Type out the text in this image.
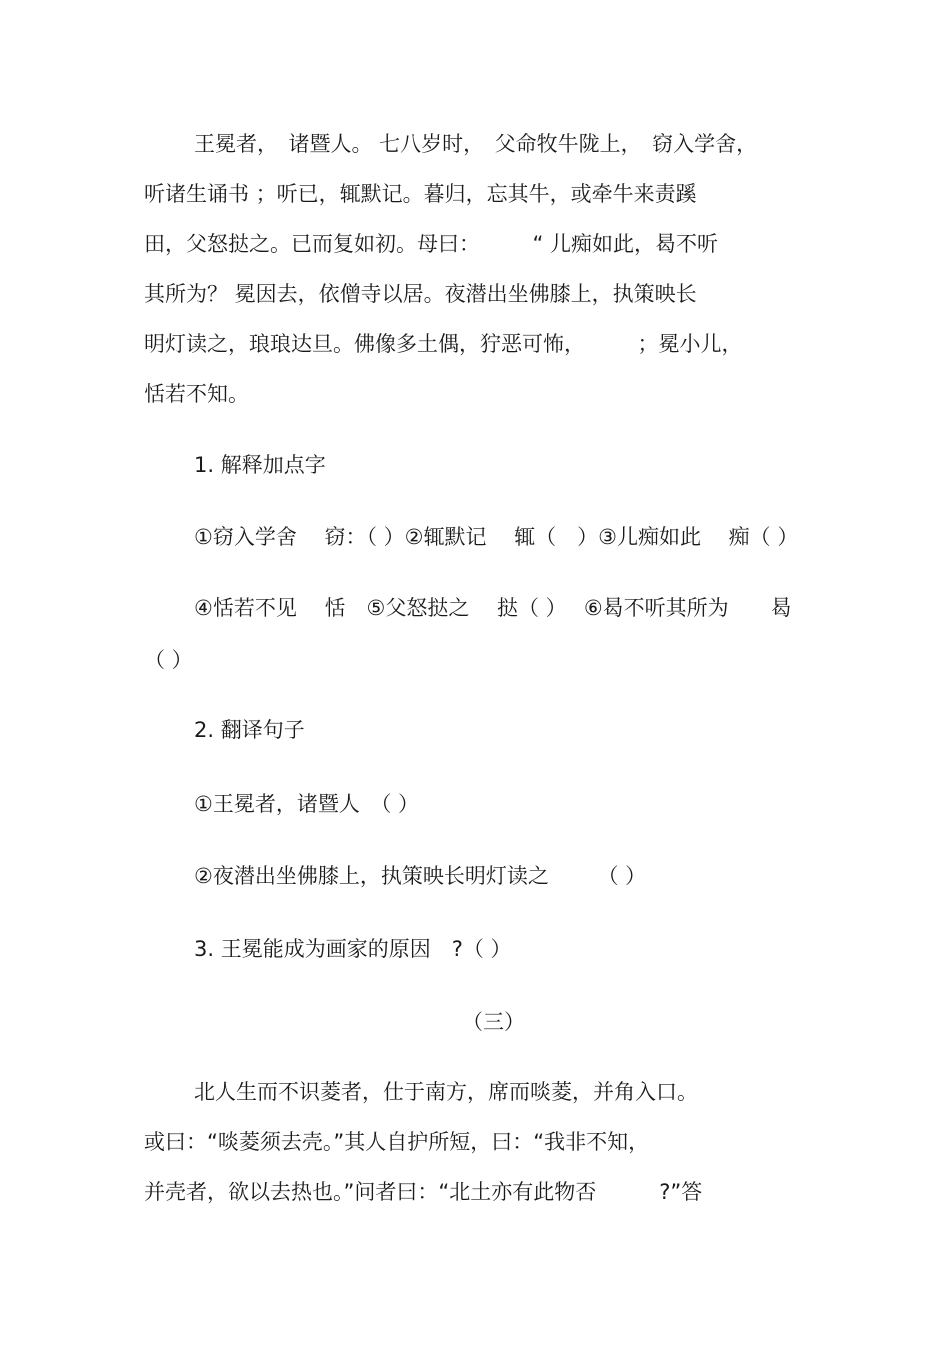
王冕者，　诸暨人。 七八岁时，　父命牧牛陇上，　窃入学舍，

听诸生诵书 ；听已，辄默记。暮归，忘其牛，或牵牛来责蹊

田，父怒挞之。已而复如初。母曰：　　　“ 儿痴如此，曷不听

其所为？ 冕因去，依僧寺以居。夜潜出坐佛膝上，执策映长

明灯读之，琅琅达旦。佛像多土偶，狞恶可怖，　　　；冕小儿，

恬若不知。

1. 解释加点字

①窃入学舍　 窃：（ ）②辄默记　 辄（　）③儿痴如此　 痴（ ）

④恬若不见　 恬　⑤父怒挞之　 挞（ ）　 ⑥曷不听其所为　　曷

（ ）

2. 翻译句子

①王冕者，诸暨人　（ ）

②夜潜出坐佛膝上，执策映长明灯读之　　 （ ）

3. 王冕能成为画家的原因　?（ ）

（三）

北人生而不识菱者，仕于南方，席而啖菱，并角入口。

或曰：“啖菱须去壳。”其人自护所短，曰：“我非不知，

并壳者，欲以去热也。”问者曰：“北土亦有此物否　　　?”答
